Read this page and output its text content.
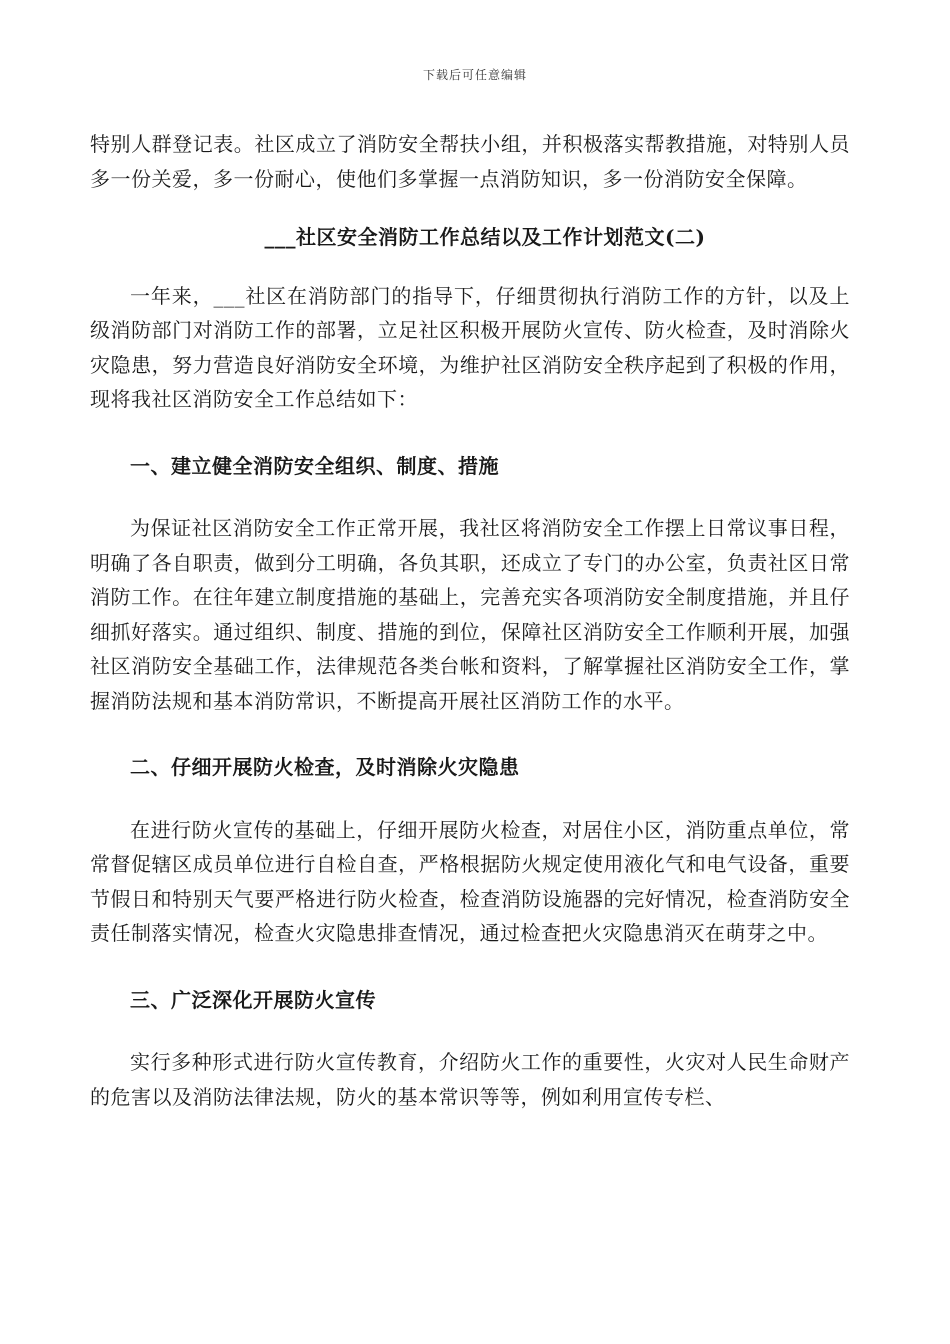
下载后可任意编辑

特别人群登记表。社区成立了消防安全帮扶小组，并积极落实帮教措施，对特别人员多一份关爱，多一份耐心，使他们多掌握一点消防知识，多一份消防安全保障。

___社区安全消防工作总结以及工作计划范文(二)

一年来，___社区在消防部门的指导下，仔细贯彻执行消防工作的方针，以及上级消防部门对消防工作的部署，立足社区积极开展防火宣传、防火检查，及时消除火灾隐患，努力营造良好消防安全环境，为维护社区消防安全秩序起到了积极的作用，现将我社区消防安全工作总结如下：

一、建立健全消防安全组织、制度、措施

为保证社区消防安全工作正常开展，我社区将消防安全工作摆上日常议事日程，明确了各自职责，做到分工明确，各负其职，还成立了专门的办公室，负责社区日常消防工作。在往年建立制度措施的基础上，完善充实各项消防安全制度措施，并且仔细抓好落实。通过组织、制度、措施的到位，保障社区消防安全工作顺利开展，加强社区消防安全基础工作，法律规范各类台帐和资料，了解掌握社区消防安全工作，掌握消防法规和基本消防常识，不断提高开展社区消防工作的水平。

二、仔细开展防火检查，及时消除火灾隐患

在进行防火宣传的基础上，仔细开展防火检查，对居住小区，消防重点单位，常常督促辖区成员单位进行自检自查，严格根据防火规定使用液化气和电气设备，重要节假日和特别天气要严格进行防火检查，检查消防设施器的完好情况，检查消防安全责任制落实情况，检查火灾隐患排查情况，通过检查把火灾隐患消灭在萌芽之中。

三、广泛深化开展防火宣传

实行多种形式进行防火宣传教育，介绍防火工作的重要性，火灾对人民生命财产的危害以及消防法律法规，防火的基本常识等等，例如利用宣传专栏、
